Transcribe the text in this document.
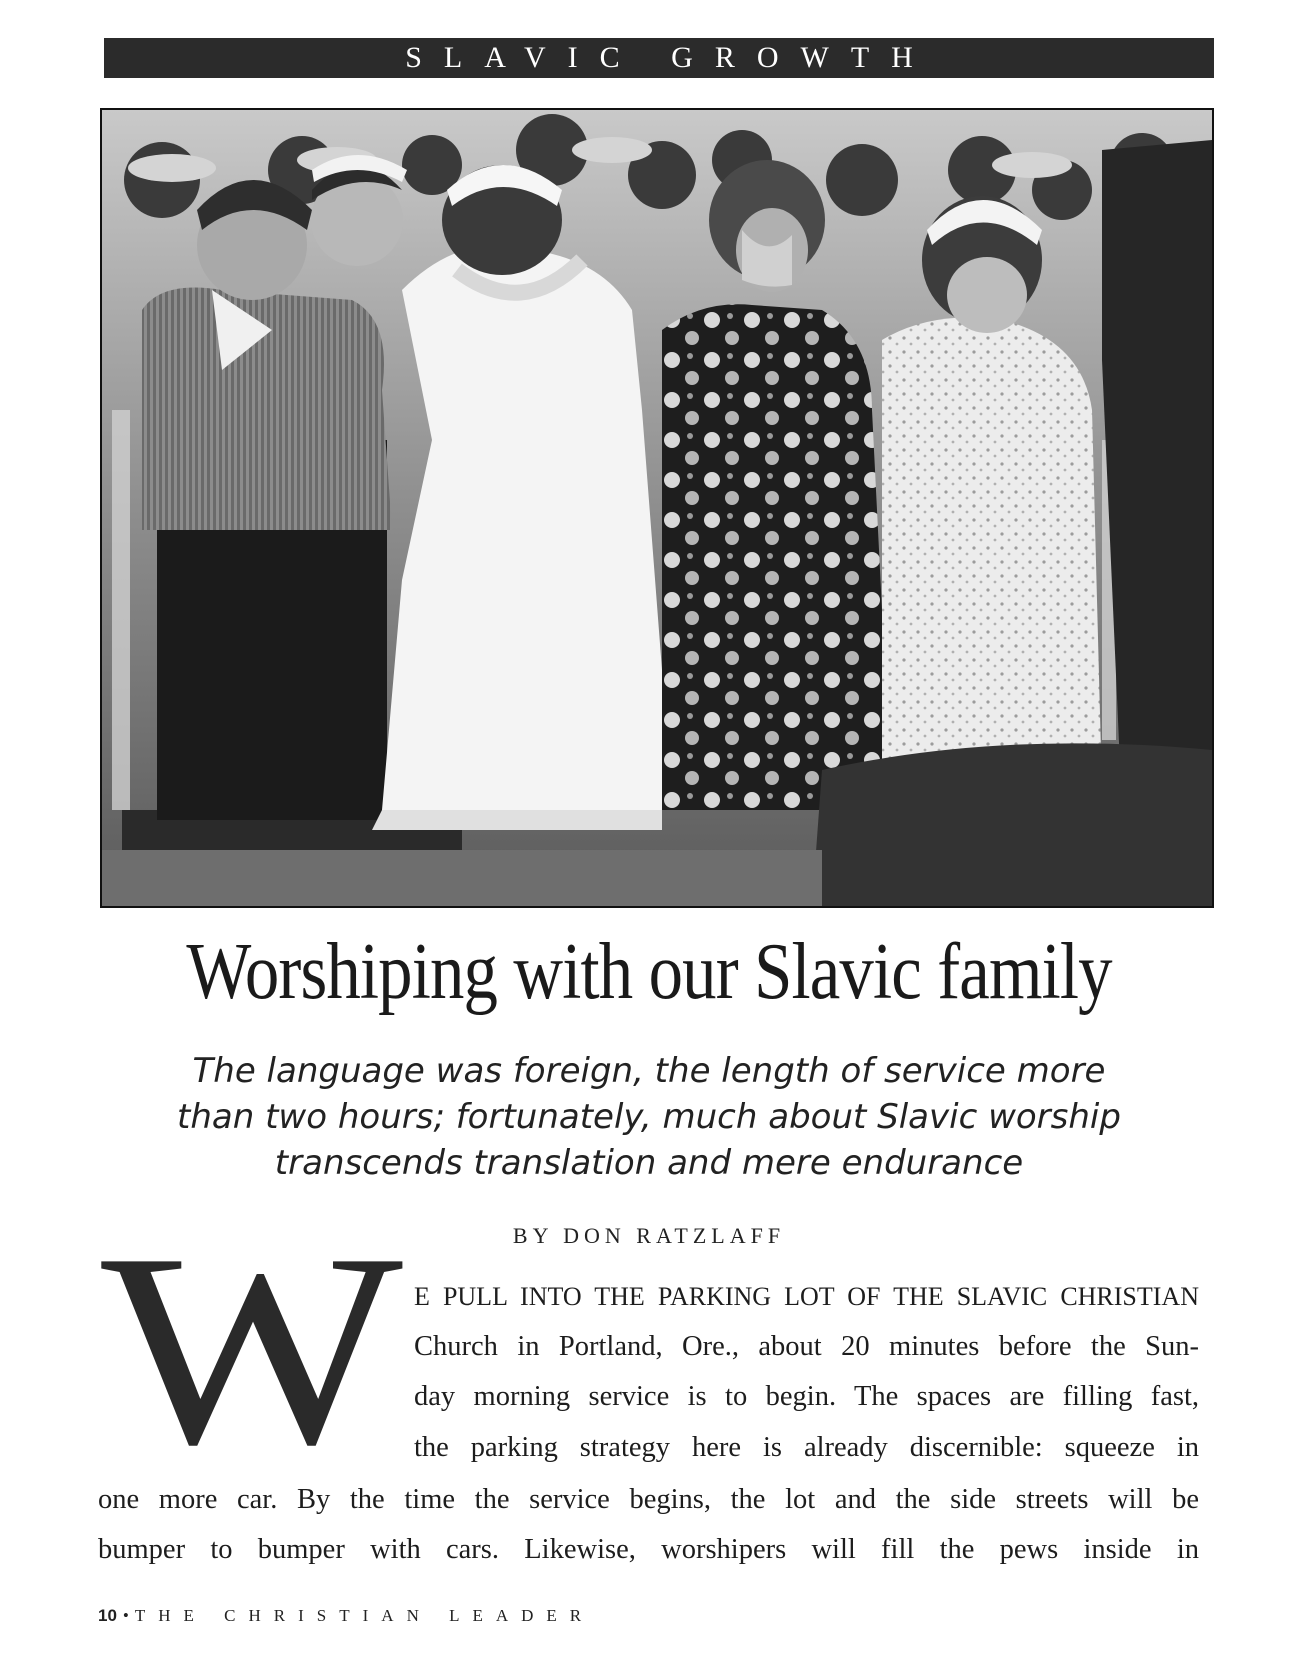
SLAVIC GROWTH
Worshiping with our Slavic family
The language was foreign, the length of service more than two hours; fortunately, much about Slavic worship transcends translation and mere endurance
BY DON RATZLAFF
W E PULL INTO THE PARKING LOT OF THE SLAVIC CHRISTIAN
Church in Portland, Ore., about 20 minutes before the Sun-
day morning service is to begin. The spaces are filling fast,
the parking strategy here is already discernible: squeeze in
one more car. By the time the service begins, the lot and the side streets will be
bumper to bumper with cars. Likewise, worshipers will fill the pews inside in
10 • THE CHRISTIAN LEADER
